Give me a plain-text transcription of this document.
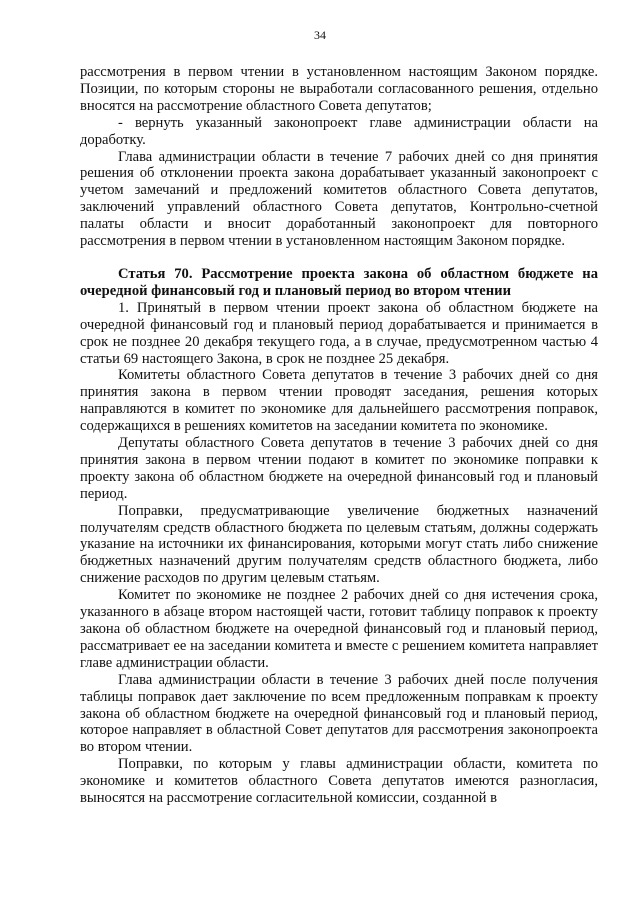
34

рассмотрения в первом чтении в установленном настоящим Законом порядке. Позиции, по которым стороны не выработали согласованного решения, отдельно вносятся на рассмотрение областного Совета депутатов;

- вернуть указанный законопроект главе администрации области на доработку.

Глава администрации области в течение 7 рабочих дней со дня принятия решения об отклонении проекта закона дорабатывает указанный законопроект с учетом замечаний и предложений комитетов областного Совета депутатов, заключений управлений областного Совета депутатов, Контрольно-счетной палаты области и вносит доработанный законопроект для повторного рассмотрения в первом чтении в установленном настоящим Законом порядке.

Статья 70. Рассмотрение проекта закона об областном бюджете на очередной финансовый год и плановый период во втором чтении

1. Принятый в первом чтении проект закона об областном бюджете на очередной финансовый год и плановый период дорабатывается и принимается в срок не позднее 20 декабря текущего года, а в случае, предусмотренном частью 4 статьи 69 настоящего Закона, в срок не позднее 25 декабря.

Комитеты областного Совета депутатов в течение 3 рабочих дней со дня принятия закона в первом чтении проводят заседания, решения которых направляются в комитет по экономике для дальнейшего рассмотрения поправок, содержащихся в решениях комитетов на заседании комитета по экономике.

Депутаты областного Совета депутатов в течение 3 рабочих дней со дня принятия закона в первом чтении подают в комитет по экономике поправки к проекту закона об областном бюджете на очередной финансовый год и плановый период.

Поправки, предусматривающие увеличение бюджетных назначений получателям средств областного бюджета по целевым статьям, должны содержать указание на источники их финансирования, которыми могут стать либо снижение бюджетных назначений другим получателям средств областного бюджета, либо снижение расходов по другим целевым статьям.

Комитет по экономике не позднее 2 рабочих дней со дня истечения срока, указанного в абзаце втором настоящей части, готовит таблицу поправок к проекту закона об областном бюджете на очередной финансовый год и плановый период, рассматривает ее на заседании комитета и вместе с решением комитета направляет главе администрации области.

Глава администрации области в течение 3 рабочих дней после получения таблицы поправок дает заключение по всем предложенным поправкам к проекту закона об областном бюджете на очередной финансовый год и плановый период, которое направляет в областной Совет депутатов для рассмотрения законопроекта во втором чтении.

Поправки, по которым у главы администрации области, комитета по экономике и комитетов областного Совета депутатов имеются разногласия, выносятся на рассмотрение согласительной комиссии, созданной в
